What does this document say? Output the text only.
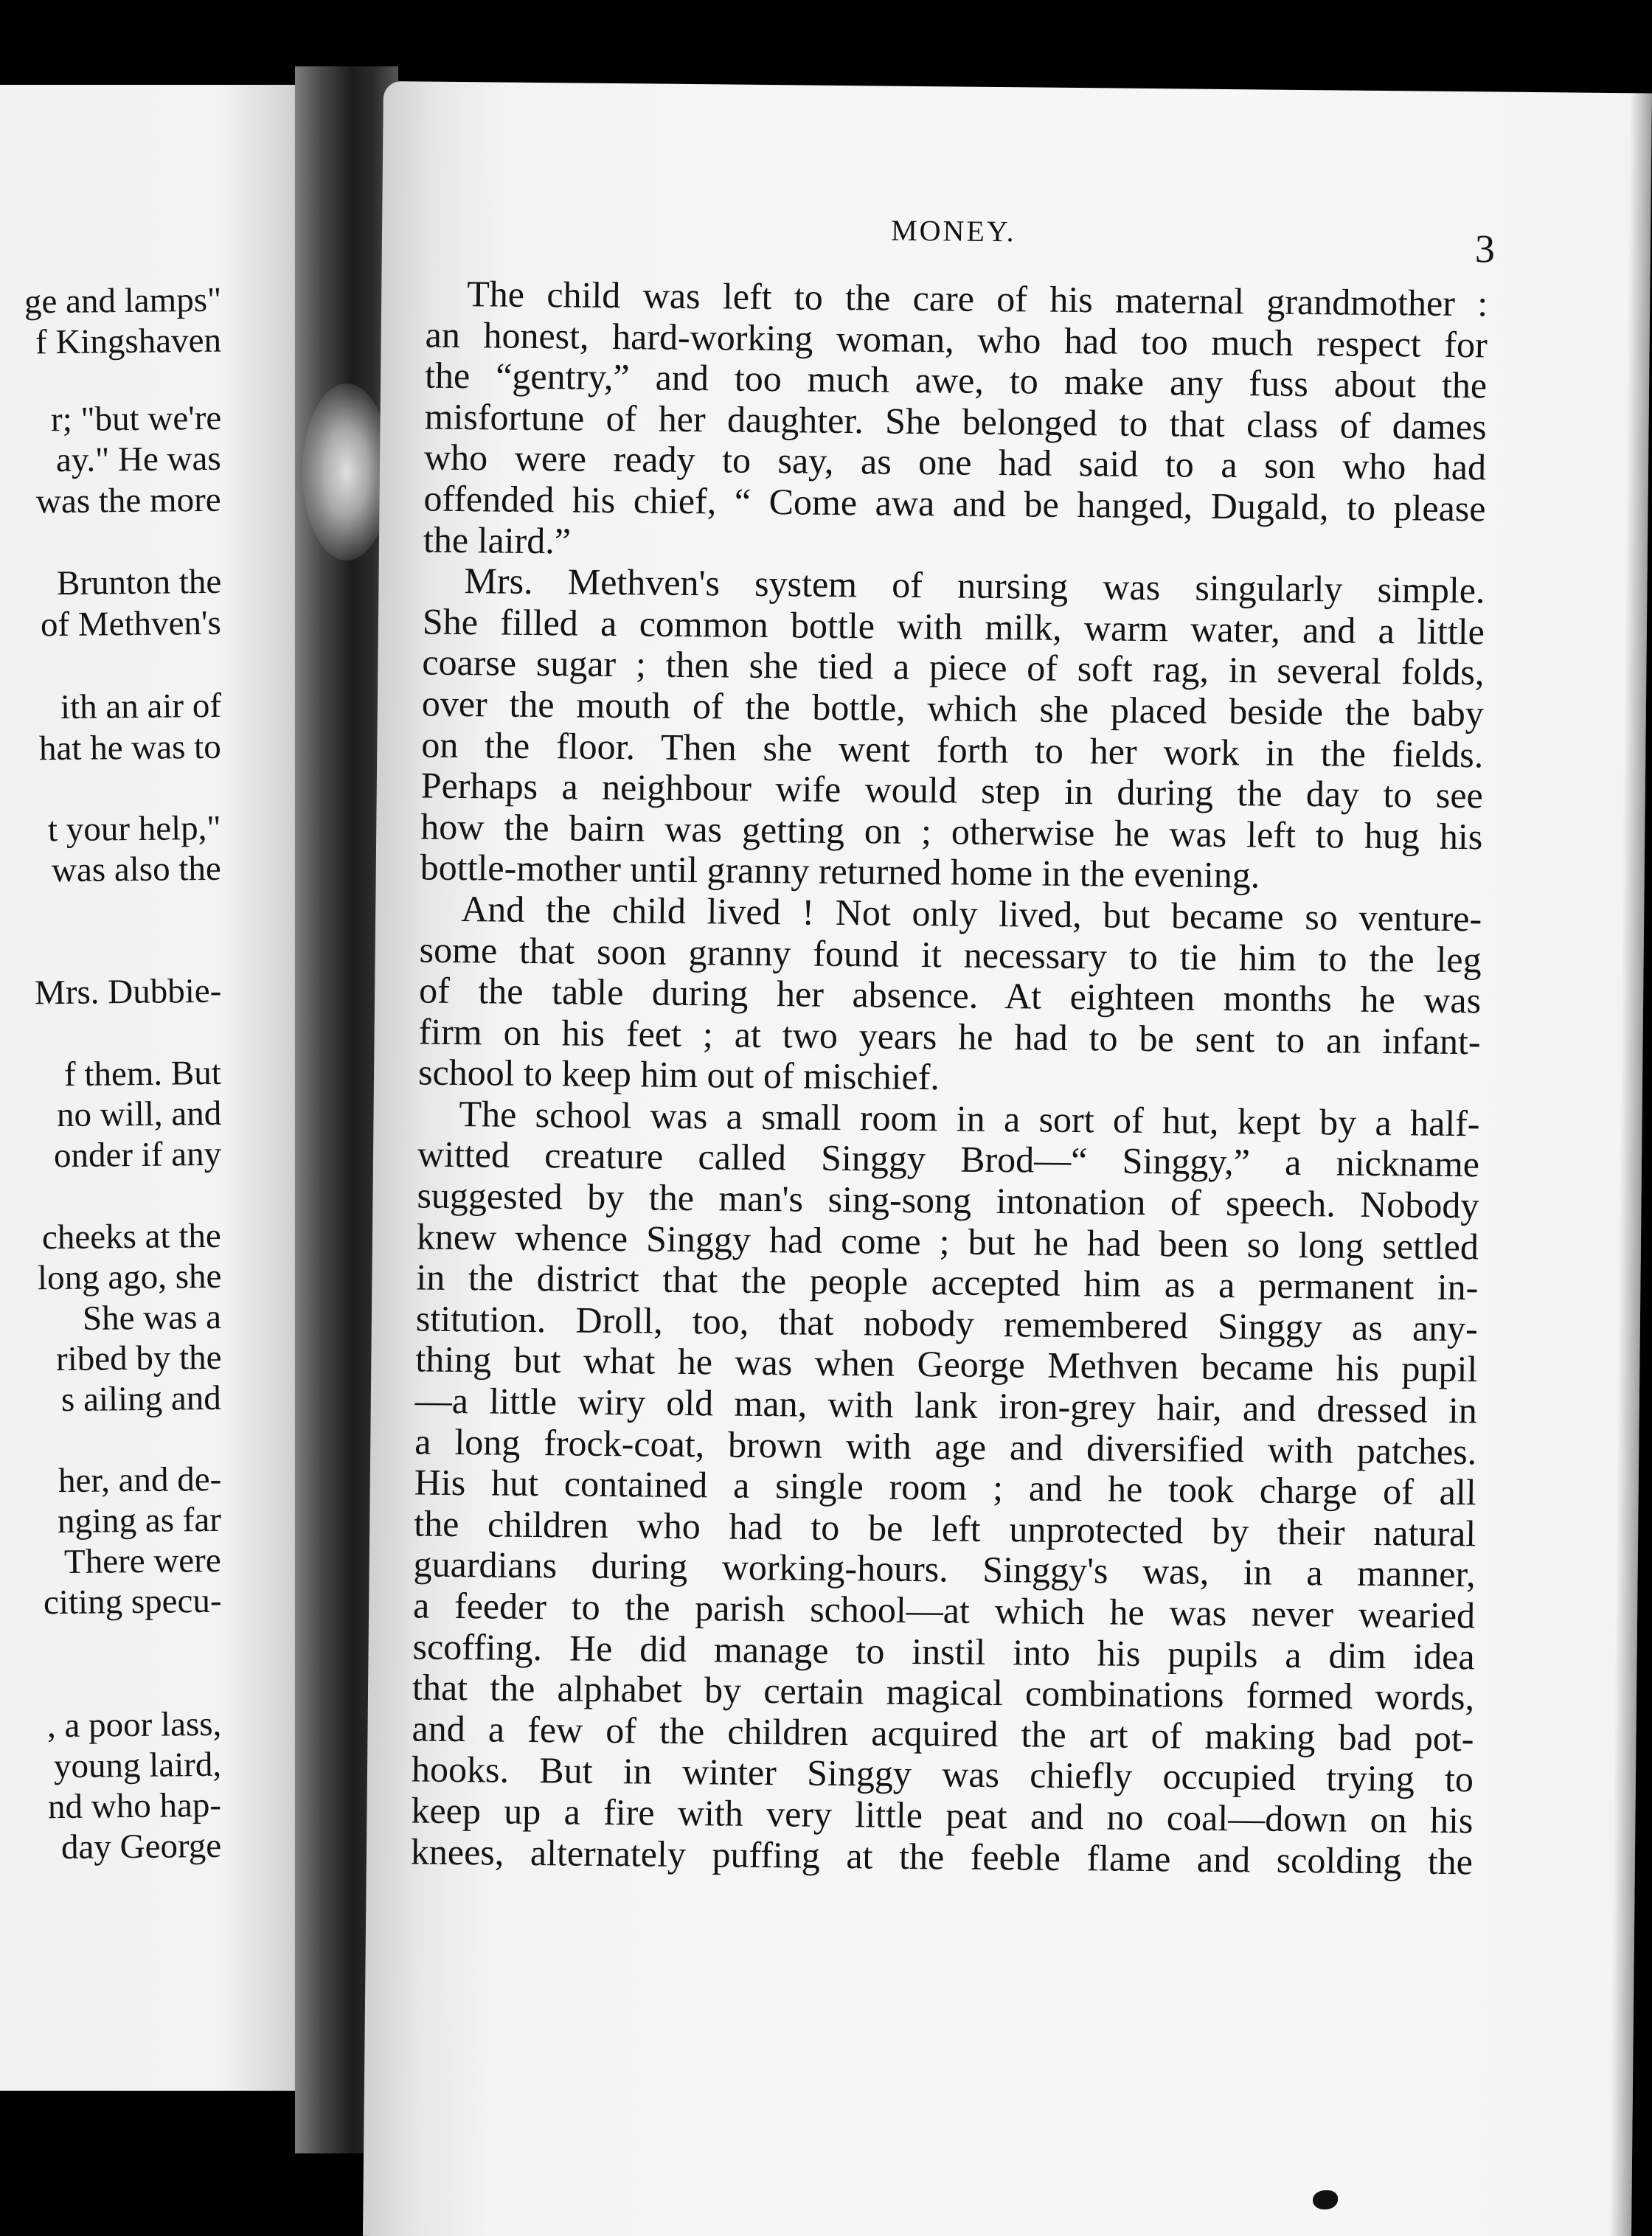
ge and lamps"
f Kingshaven
r; "but we're
ay." He was
was the more
Brunton the
of Methven's
ith an air of
hat he was to
t your help,"
was also the
Mrs. Dubbie-
f them. But
no will, and
onder if any
cheeks at the
long ago, she
She was a
ribed by the
s ailing and
her, and de-
nging as far
There were
citing specu-
, a poor lass,
young laird,
nd who hap-
day George
MONEY.	3
The child was left to the care of his maternal grandmother :
an honest, hard-working woman, who had too much respect for
the “gentry,” and too much awe, to make any fuss about the
misfortune of her daughter. She belonged to that class of dames
who were ready to say, as one had said to a son who had
offended his chief, “ Come awa and be hanged, Dugald, to please
the laird.”
Mrs. Methven's system of nursing was singularly simple.
She filled a common bottle with milk, warm water, and a little
coarse sugar ; then she tied a piece of soft rag, in several folds,
over the mouth of the bottle, which she placed beside the baby
on the floor. Then she went forth to her work in the fields.
Perhaps a neighbour wife would step in during the day to see
how the bairn was getting on ; otherwise he was left to hug his
bottle-mother until granny returned home in the evening.
And the child lived ! Not only lived, but became so venture-
some that soon granny found it necessary to tie him to the leg
of the table during her absence. At eighteen months he was
firm on his feet ; at two years he had to be sent to an infant-
school to keep him out of mischief.
The school was a small room in a sort of hut, kept by a half-
witted creature called Singgy Brod—“ Singgy,” a nickname
suggested by the man's sing-song intonation of speech. Nobody
knew whence Singgy had come ; but he had been so long settled
in the district that the people accepted him as a permanent in-
stitution. Droll, too, that nobody remembered Singgy as any-
thing but what he was when George Methven became his pupil
—a little wiry old man, with lank iron-grey hair, and dressed in
a long frock-coat, brown with age and diversified with patches.
His hut contained a single room ; and he took charge of all
the children who had to be left unprotected by their natural
guardians during working-hours. Singgy's was, in a manner,
a feeder to the parish school—at which he was never wearied
scoffing. He did manage to instil into his pupils a dim idea
that the alphabet by certain magical combinations formed words,
and a few of the children acquired the art of making bad pot-
hooks. But in winter Singgy was chiefly occupied trying to
keep up a fire with very little peat and no coal—down on his
knees, alternately puffing at the feeble flame and scolding the
